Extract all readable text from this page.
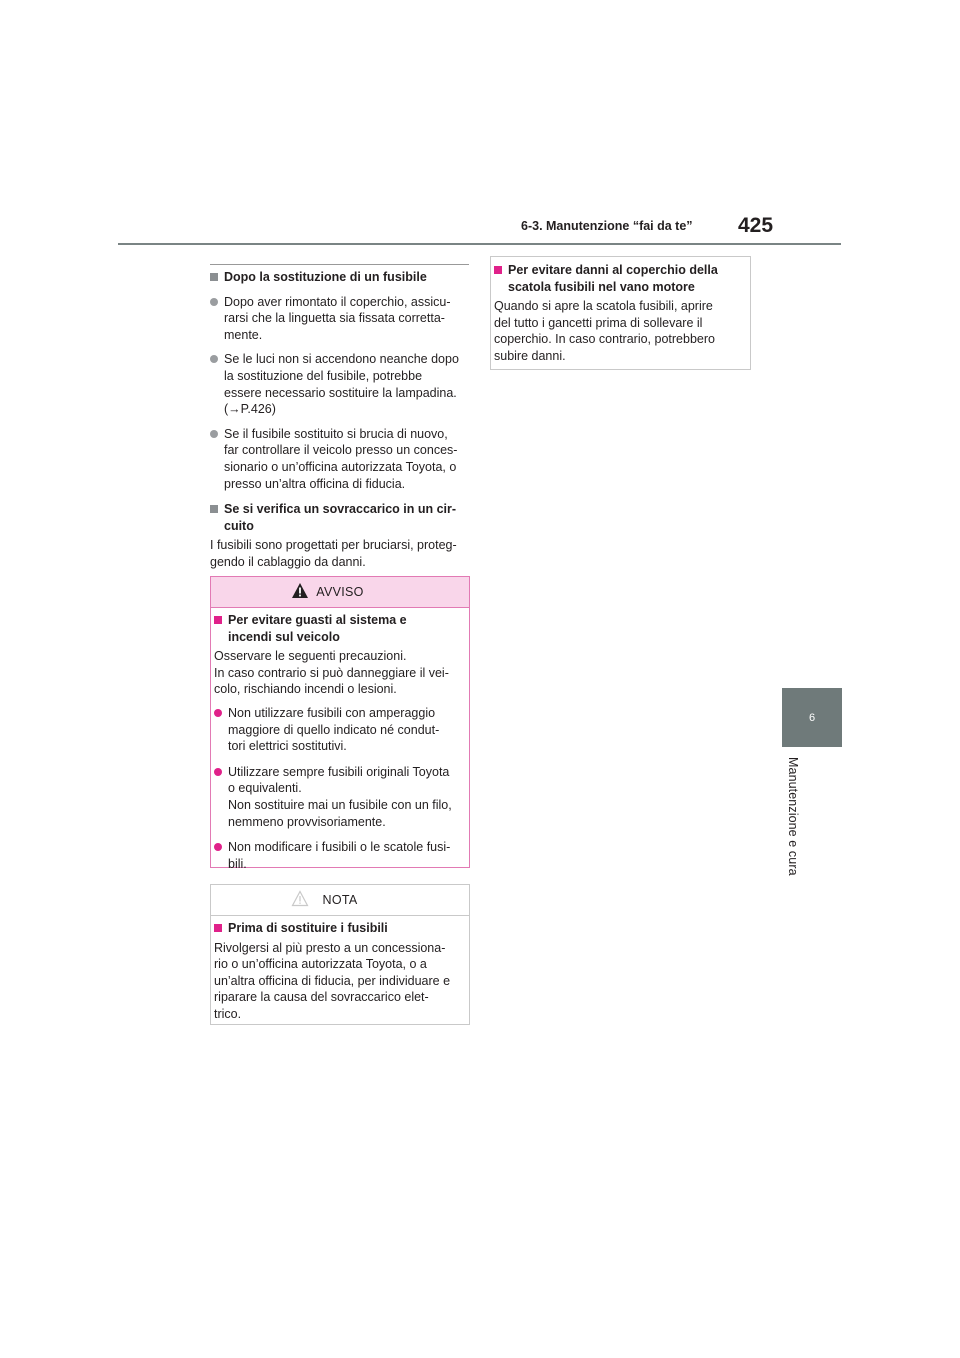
6-3. Manutenzione “fai da te” 425
6
Manutenzione e cura
Dopo la sostituzione di un fusibile
Dopo aver rimontato il coperchio, assicu-
rarsi che la linguetta sia fissata corretta-
mente.
Se le luci non si accendono neanche dopo
la sostituzione del fusibile, potrebbe
essere necessario sostituire la lampadina.
(→P.426)
Se il fusibile sostituito si brucia di nuovo,
far controllare il veicolo presso un conces-
sionario o un’officina autorizzata Toyota, o
presso un’altra officina di fiducia.
Se si verifica un sovraccarico in un cir-
cuito
I fusibili sono progettati per bruciarsi, proteg-
gendo il cablaggio da danni.
AVVISO
Per evitare guasti al sistema e
incendi sul veicolo
Osservare le seguenti precauzioni.
In caso contrario si può danneggiare il vei-
colo, rischiando incendi o lesioni.
Non utilizzare fusibili con amperaggio
maggiore di quello indicato né condut-
tori elettrici sostitutivi.
Utilizzare sempre fusibili originali Toyota
o equivalenti.
Non sostituire mai un fusibile con un filo,
nemmeno provvisoriamente.
Non modificare i fusibili o le scatole fusi-
bili.
NOTA
Prima di sostituire i fusibili
Rivolgersi al più presto a un concessiona-
rio o un’officina autorizzata Toyota, o a
un’altra officina di fiducia, per individuare e
riparare la causa del sovraccarico elet-
trico.
Per evitare danni al coperchio della
scatola fusibili nel vano motore
Quando si apre la scatola fusibili, aprire
del tutto i gancetti prima di sollevare il
coperchio. In caso contrario, potrebbero
subire danni.
